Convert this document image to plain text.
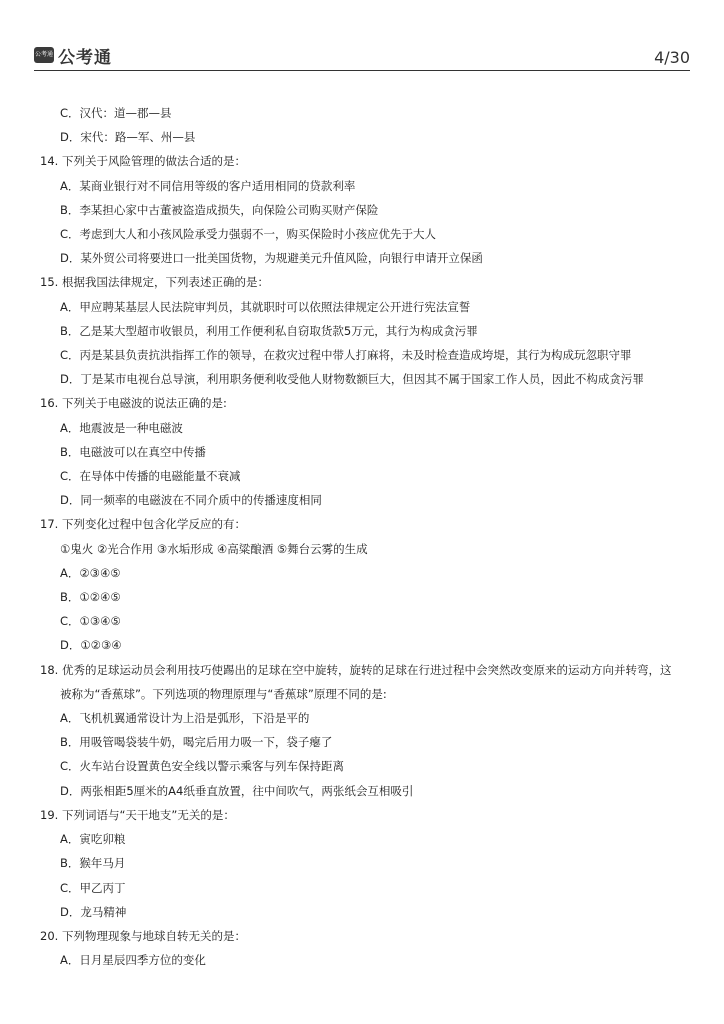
公考通 公考通	4/30
C．汉代：道—郡—县
D．宋代：路—军、州—县
14. 下列关于风险管理的做法合适的是：
A．某商业银行对不同信用等级的客户适用相同的贷款利率
B．李某担心家中古董被盗造成损失，向保险公司购买财产保险
C．考虑到大人和小孩风险承受力强弱不一，购买保险时小孩应优先于大人
D．某外贸公司将要进口一批美国货物，为规避美元升值风险，向银行申请开立保函
15. 根据我国法律规定，下列表述正确的是：
A．甲应聘某基层人民法院审判员，其就职时可以依照法律规定公开进行宪法宣誓
B．乙是某大型超市收银员，利用工作便利私自窃取货款5万元，其行为构成贪污罪
C．丙是某县负责抗洪指挥工作的领导，在救灾过程中带人打麻将，未及时检查造成垮堤，其行为构成玩忽职守罪
D．丁是某市电视台总导演，利用职务便利收受他人财物数额巨大，但因其不属于国家工作人员，因此不构成贪污罪
16. 下列关于电磁波的说法正确的是:
A．地震波是一种电磁波
B．电磁波可以在真空中传播
C．在导体中传播的电磁能量不衰减
D．同一频率的电磁波在不同介质中的传播速度相同
17. 下列变化过程中包含化学反应的有：
①鬼火 ②光合作用 ③水垢形成 ④高粱酿酒 ⑤舞台云雾的生成
A．②③④⑤
B．①②④⑤
C．①③④⑤
D．①②③④
18. 优秀的足球运动员会利用技巧使踢出的足球在空中旋转，旋转的足球在行进过程中会突然改变原来的运动方向并转弯，这
被称为“香蕉球”。下列选项的物理原理与“香蕉球”原理不同的是:
A．飞机机翼通常设计为上沿是弧形，下沿是平的
B．用吸管喝袋装牛奶，喝完后用力吸一下，袋子瘪了
C．火车站台设置黄色安全线以警示乘客与列车保持距离
D．两张相距5厘米的A4纸垂直放置，往中间吹气，两张纸会互相吸引
19. 下列词语与“天干地支”无关的是：
A．寅吃卯粮
B．猴年马月
C．甲乙丙丁
D．龙马精神
20. 下列物理现象与地球自转无关的是：
A．日月星辰四季方位的变化
